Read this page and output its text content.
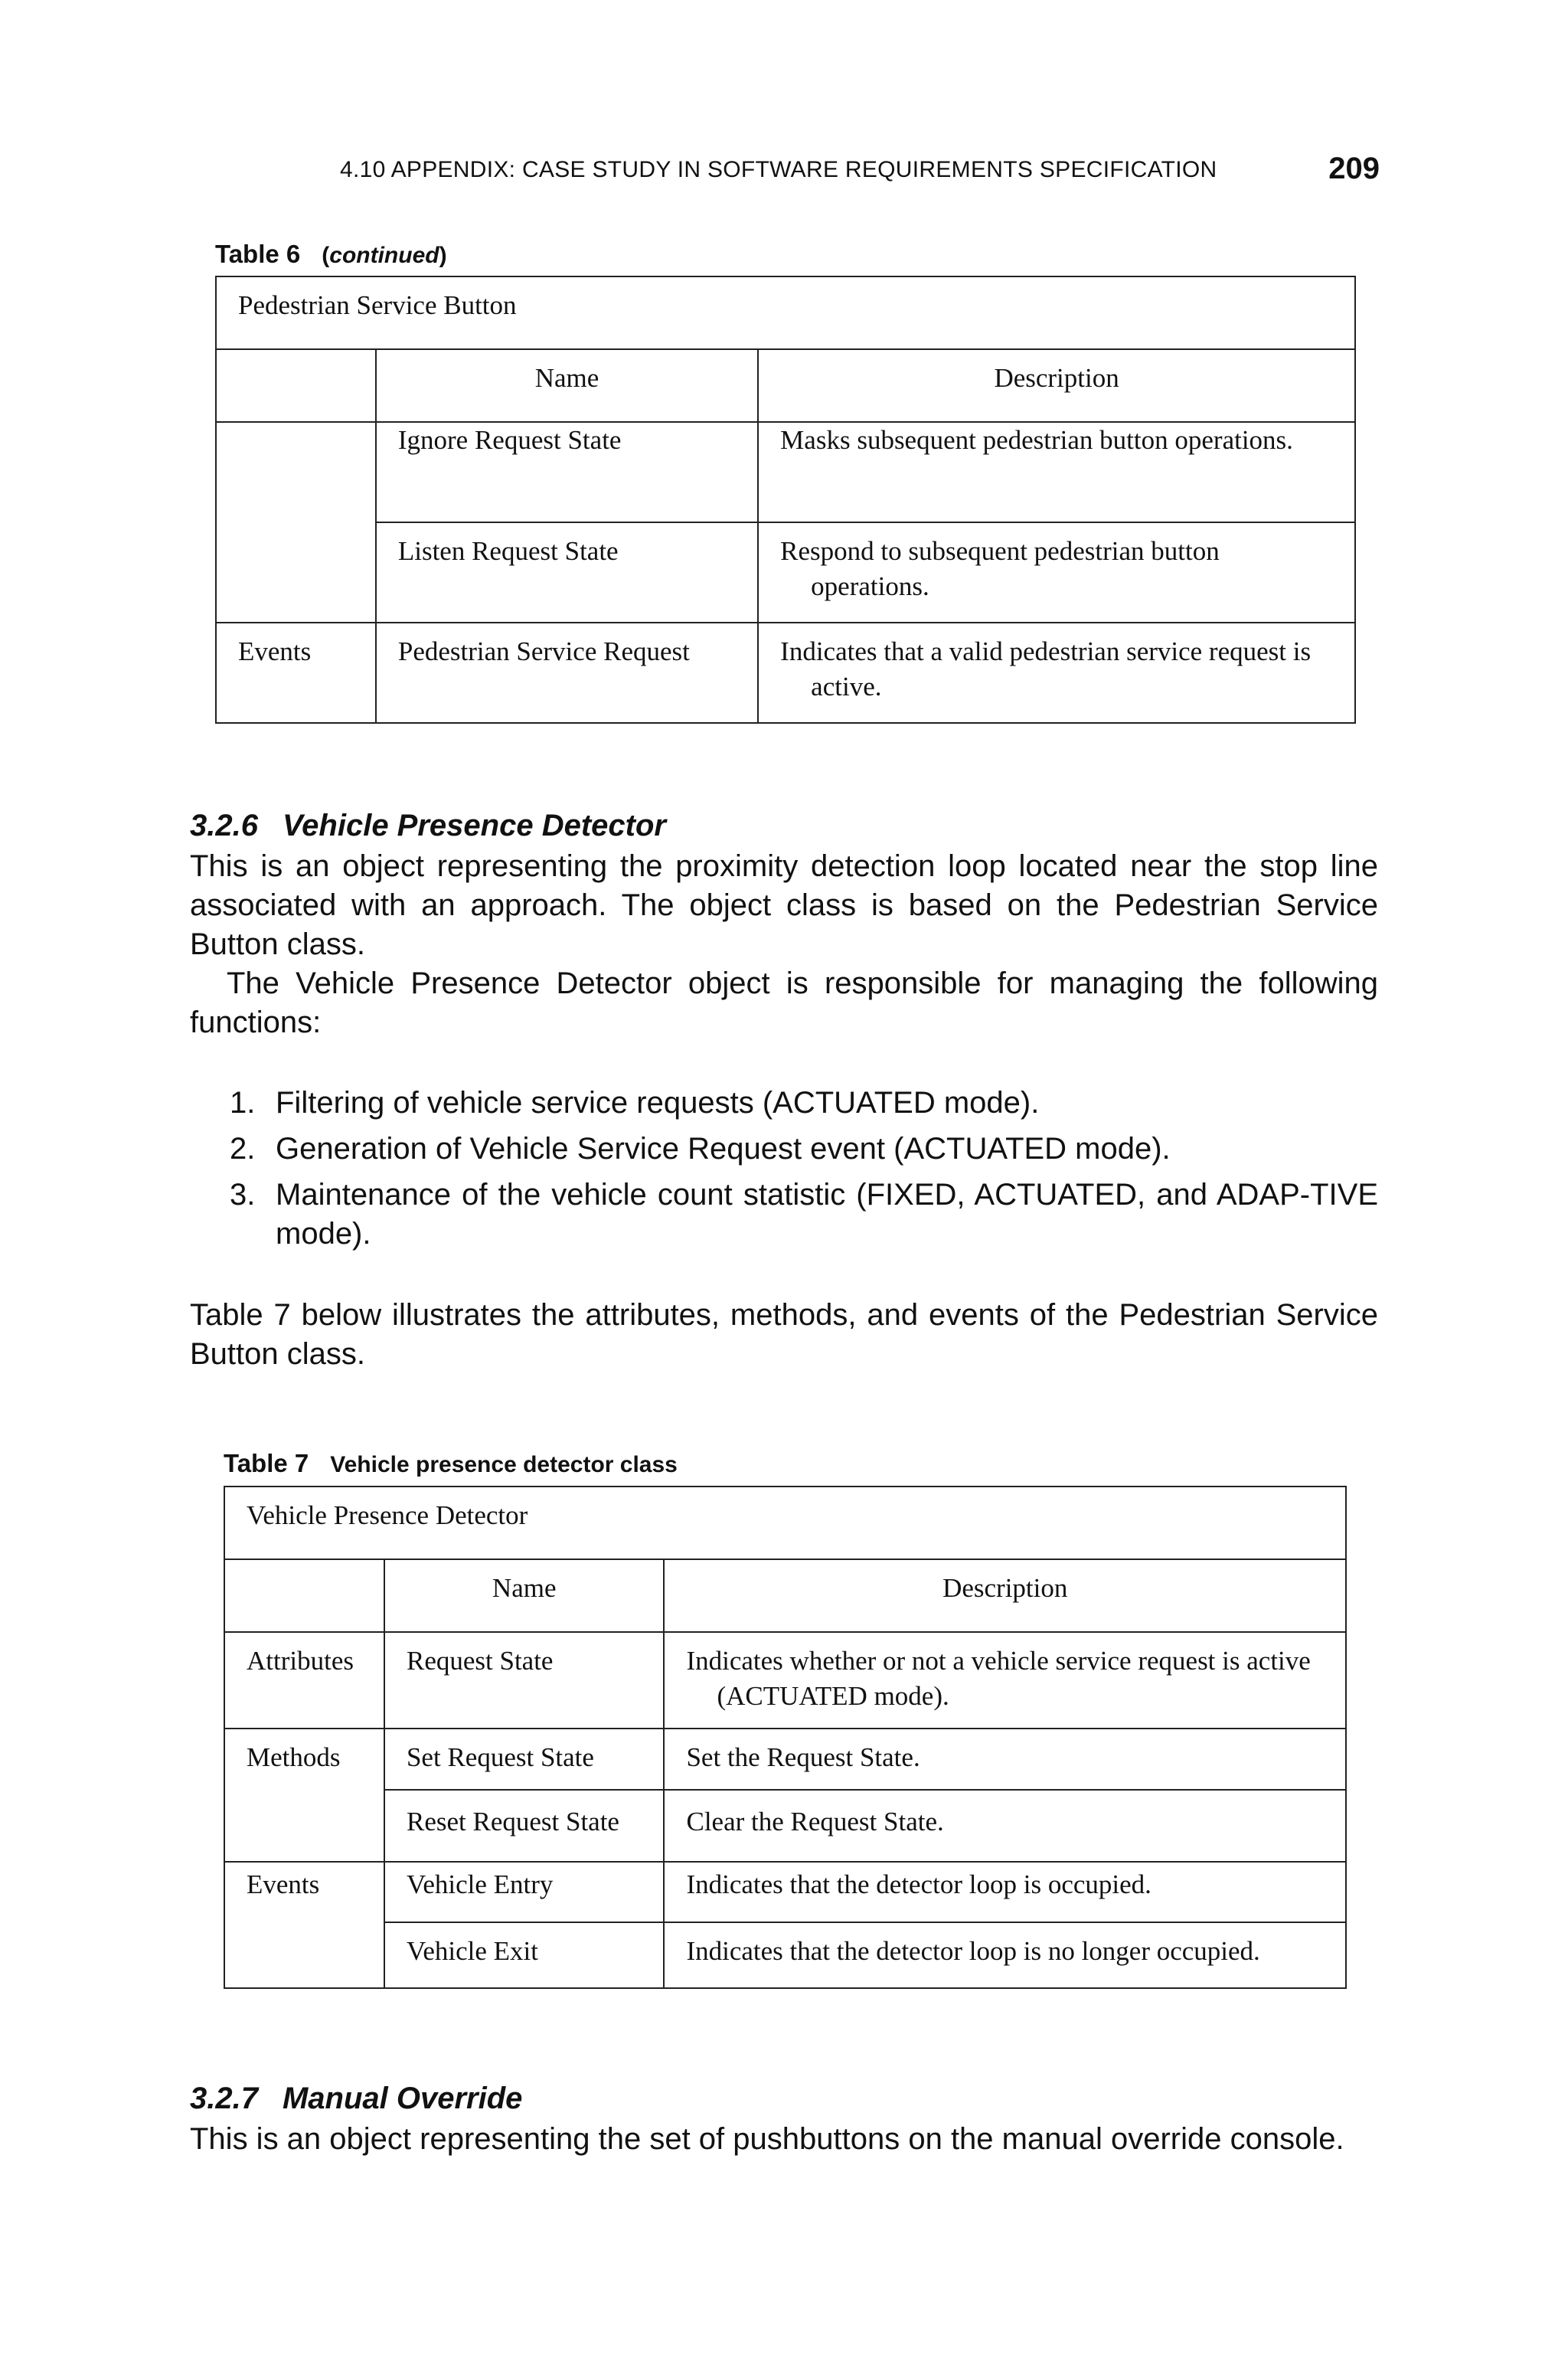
4.10 APPENDIX: CASE STUDY IN SOFTWARE REQUIREMENTS SPECIFICATION	209
Table 6 (continued)
Pedestrian Service Button		

	Name	Description

	Ignore Request State	Masks subsequent pedestrian button operations.

	Listen Request State	Respond to subsequent pedestrian button operations.

Events	Pedestrian Service Request	Indicates that a valid pedestrian service request is active.
3.2.6 Vehicle Presence Detector
This is an object representing the proximity detection loop located near the stop line associated with an approach. The object class is based on the Pedestrian Service Button class.
The Vehicle Presence Detector object is responsible for managing the following functions:
1. Filtering of vehicle service requests (ACTUATED mode).
2. Generation of Vehicle Service Request event (ACTUATED mode).
3. Maintenance of the vehicle count statistic (FIXED, ACTUATED, and ADAP-TIVE mode).
Table 7 below illustrates the attributes, methods, and events of the Pedestrian Service Button class.
Table 7 Vehicle presence detector class
Vehicle Presence Detector		

	Name	Description

Attributes	Request State	Indicates whether or not a vehicle service request is active (ACTUATED mode).

Methods	Set Request State	Set the Request State.

	Reset Request State	Clear the Request State.

Events	Vehicle Entry	Indicates that the detector loop is occupied.

	Vehicle Exit	Indicates that the detector loop is no longer occupied.
3.2.7 Manual Override
This is an object representing the set of pushbuttons on the manual override console.
